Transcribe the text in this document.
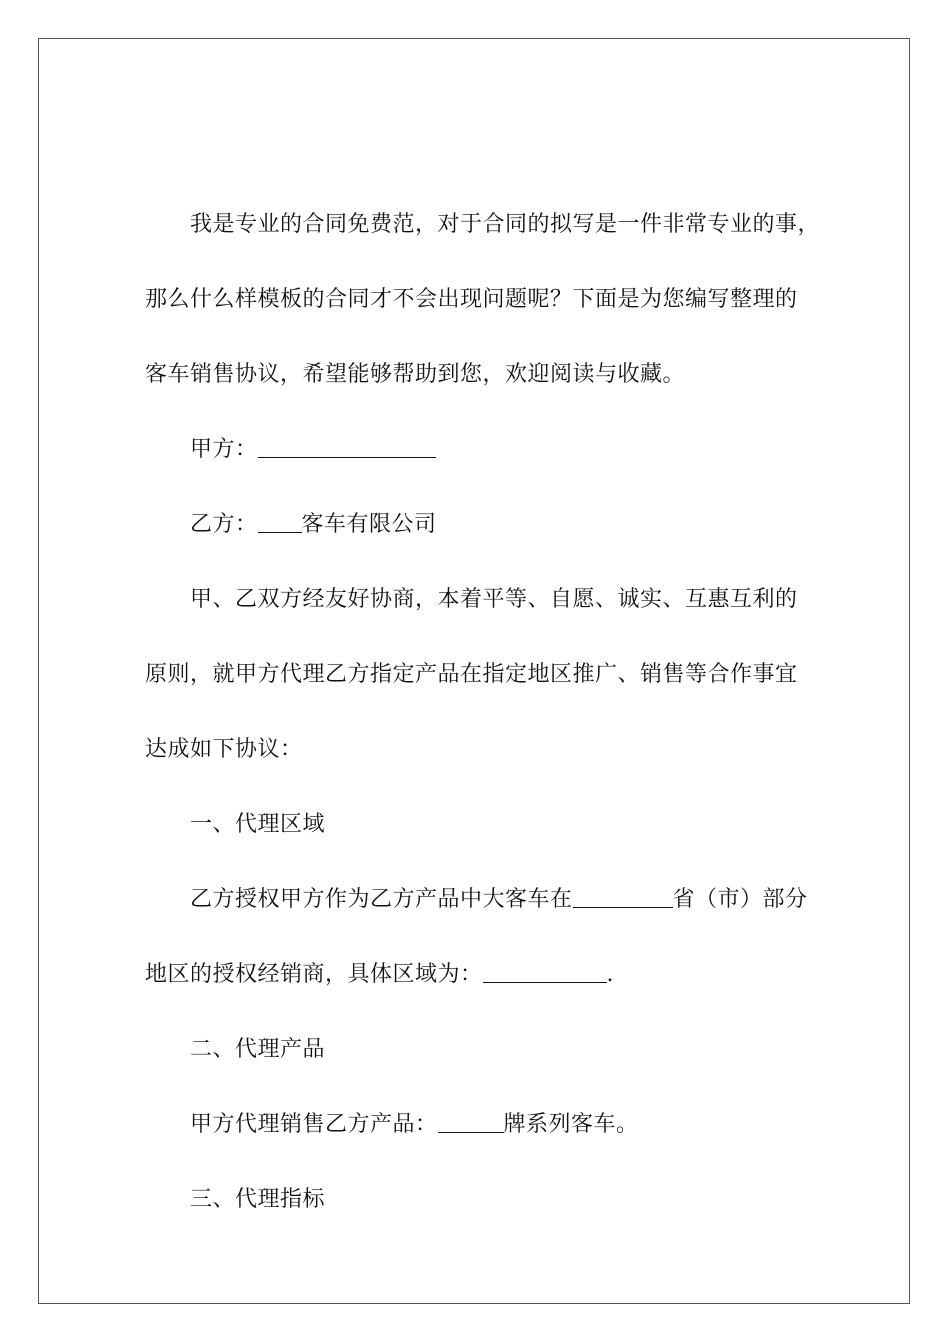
我是专业的合同免费范，对于合同的拟写是一件非常专业的事，
那么什么样模板的合同才不会出现问题呢？下面是为您编写整理的
客车销售协议，希望能够帮助到您，欢迎阅读与收藏。
甲方：
乙方： 客车有限公司
甲、乙双方经友好协商，本着平等、自愿、诚实、互惠互利的
原则，就甲方代理乙方指定产品在指定地区推广、销售等合作事宜
达成如下协议：
一、代理区域
乙方授权甲方作为乙方产品中大客车在	省（市）部分
地区的授权经销商，具体区域为：	.
二、代理产品
甲方代理销售乙方产品：	牌系列客车。
三、代理指标
